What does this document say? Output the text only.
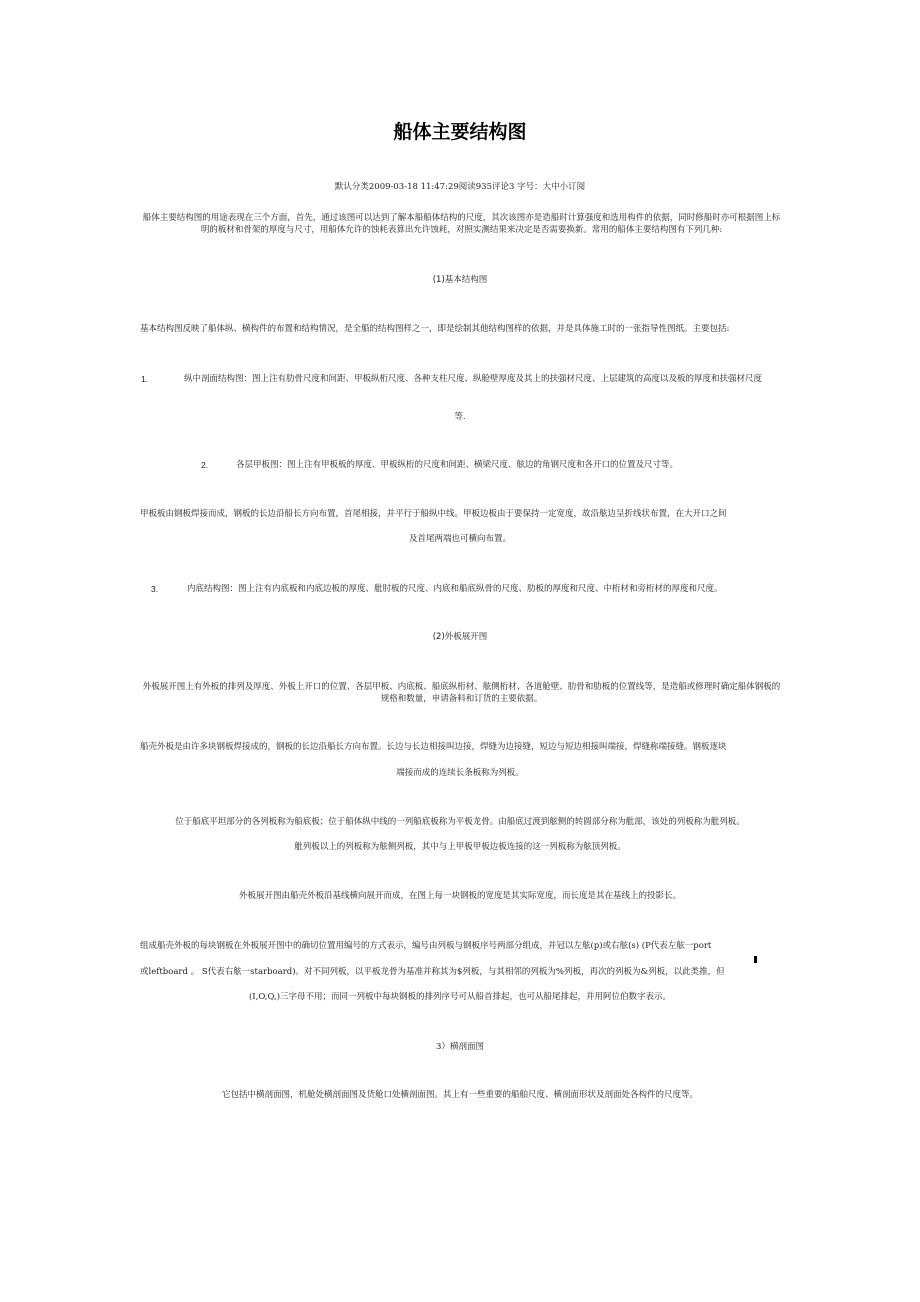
船体主要结构图

默认分类2009-03-18 11:47:29阅读935评论3 字号：大中小订阅

船体主要结构图的用途表现在三个方面，首先，通过该图可以达到了解本船船体结构的尺度，其次该图亦是造船时计算强度和选用构件的依据，同时修船时亦可根据图上标明的板材和骨架的厚度与尺寸，用船体允许的蚀耗表算出允许蚀耗，对照实测结果来决定是否需要换新。常用的船体主要结构图有下列几种:

(1)基本结构图

基本结构图反映了船体纵、横构件的布置和结构情况，是全船的结构图样之一，即是绘制其他结构图样的依据，并是具体施工时的一张指导性图纸。主要包括:

1.	纵中剖面结构图：图上注有肋骨尺度和间距、甲板纵桁尺度、各种支柱尺度、纵舱壁厚度及其上的扶强材尺度、上层建筑的高度以及板的厚度和扶强材尺度

等.

2.	各层甲板图：图上注有甲板板的厚度、甲板纵桁的尺度和间距、横梁尺度、舷边的角钢尺度和各开口的位置及尺寸等。

甲板板由钢板焊接而成，钢板的长边沿船长方向布置，首尾相接，并平行于船纵中线。甲板边板由于要保持一定宽度，故沿舷边呈折线状布置，在大开口之间

及首尾两端也可横向布置。

3.	内底结构图：图上注有内底板和内底边板的厚度、舭肘板的尺度、内底和船底纵骨的尺度、肋板的厚度和尺度、中桁材和旁桁材的厚度和尺度。

(2)外板展开图

外板展开图上有外板的排列及厚度、外板上开口的位置、各层甲板、内底板、船底纵桁材、舷侧桁材、各道舱壁、肋骨和肋板的位置线等，是造船或修理时确定船体钢板的规格和数量，申请备料和订货的主要依据。

船壳外板是由许多块钢板焊接成的，钢板的长边沿船长方向布置。长边与长边相接叫边接，焊缝为边接缝，短边与短边相接叫端接，焊缝称端接缝。钢板逐块

端接而成的连续长条板称为列板。

位于船底平坦部分的各列板称为船底板；位于船体纵中线的一列船底板称为平板龙骨。由船底过渡到舷侧的转圆部分称为舭部，该处的列板称为舭列板。

舭列板以上的列板称为舷侧列板，其中与上甲板甲板边板连接的这一列板称为舷顶列板。

外板展开图由船壳外板沿基线横向展开而成，在图上每一块钢板的宽度是其实际宽度，而长度是其在基线上的投影长。

组成船壳外板的每块钢板在外板展开图中的确切位置用编号的方式表示，编号由列板与钢板序号两部分组成，并冠以左舷(p)或右舷(s) (P代表左舷一port

或leftboard 。 S代表右舷一starboard)。对不同列板，以平板龙骨为基准并称其为$列板，与其相邻的列板为%列板，再次的列板为&列板，以此类推，但

(I,O,Q,)三字母不用；而同一列板中每块钢板的排列序号可从船首排起，也可从船尾排起，并用阿位伯数字表示。

3）横剖面图

它包括中横剖面图，机舱处横剖面图及货舱口处横剖面图。其上有一些重要的船舶尺度、横剖面形状及剖面处各构件的尺度等。
